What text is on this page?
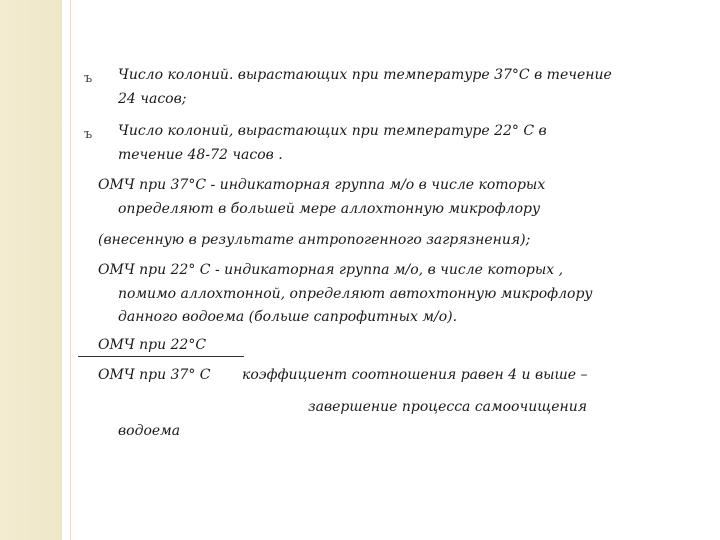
ъ Число колоний. вырастающих при температуре 37°С в течение
24 часов;
ъ Число колоний, вырастающих при температуре 22° С в
течение 48-72 часов .
ОМЧ при 37°С - индикаторная группа м/о в числе которых
определяют в большей мере аллохтонную микрофлору
(внесенную в результате антропогенного загрязнения);
ОМЧ при 22° С - индикаторная группа м/о, в числе которых ,
помимо аллохтонной, определяют автохтонную микрофлору
данного водоема (больше сапрофитных м/о).
ОМЧ при 22°С
ОМЧ при 37° С коэффициент соотношения равен 4 и выше –
завершение процесса самоочищения
водоема
